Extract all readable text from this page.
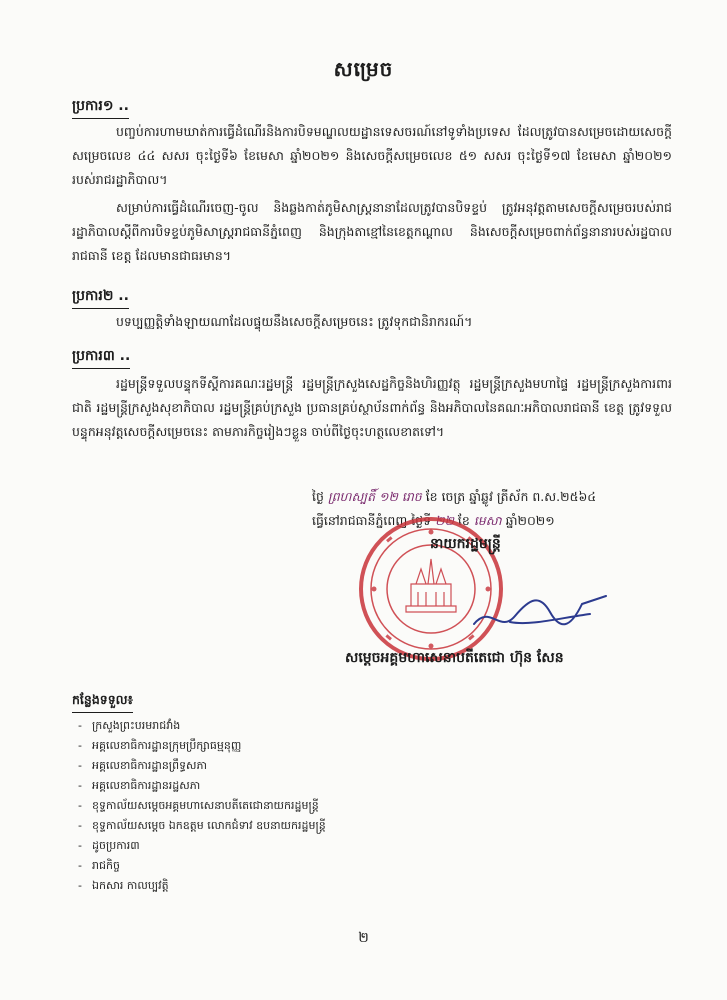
សម្រេច
ប្រការ១ ..

បញ្ចប់ការហាមឃាត់ការធ្វើដំណើរនិងការបិទមណ្ឌលយដ្ឋានទេសចរណ៍នៅទូទាំងប្រទេស ដែលត្រូវបានសម្រេចដោយសេចក្តីសម្រេចលេខ ៤៤ សសរ ចុះថ្ងៃទី៦ ខែមេសា ឆ្នាំ២០២១ និងសេចក្តីសម្រេចលេខ ៥១ សសរ ចុះថ្ងៃទី១៧ ខែមេសា ឆ្នាំ២០២១ របស់រាជរដ្ឋាភិបាល។

សម្រាប់ការធ្វើដំណើរចេញ-ចូល និងឆ្លងកាត់ភូមិសាស្ត្រនានាដែលត្រូវបានបិទខ្ទប់ ត្រូវអនុវត្តតាមសេចក្តីសម្រេចរបស់រាជរដ្ឋាភិបាលស្តីពីការបិទខ្ទប់ភូមិសាស្ត្ររាជធានីភ្នំពេញ និងក្រុងតាខ្មៅនៃខេត្តកណ្តាល និងសេចក្តីសម្រេចពាក់ព័ន្ធនានារបស់រដ្ឋបាលរាជធានី ខេត្ត ដែលមានជាធរមាន។

ប្រការ២ ..

បទប្បញ្ញត្តិទាំងឡាយណាដែលផ្ទុយនឹងសេចក្តីសម្រេចនេះ ត្រូវទុកជានិរាករណ៍។

ប្រការ៣ ..

រដ្ឋមន្ត្រីទទួលបន្ទុកទីស្តីការគណៈរដ្ឋមន្ត្រី រដ្ឋមន្ត្រីក្រសួងសេដ្ឋកិច្ចនិងហិរញ្ញវត្ថុ រដ្ឋមន្ត្រីក្រសួងមហាផ្ទៃ រដ្ឋមន្ត្រីក្រសួងការពារជាតិ រដ្ឋមន្ត្រីក្រសួងសុខាភិបាល រដ្ឋមន្ត្រីគ្រប់ក្រសួង ប្រធានគ្រប់ស្ថាប័នពាក់ព័ន្ធ និងអភិបាលនៃគណៈអភិបាលរាជធានី ខេត្ត ត្រូវទទួលបន្ទុកអនុវត្តសេចក្តីសម្រេចនេះ តាមភារកិច្ចរៀងៗខ្លួន ចាប់ពីថ្ងៃចុះហត្ថលេខាតទៅ។

ថ្ងៃ ព្រហស្បតិ៍ ១២ រោច ខែ ចេត្រ ឆ្នាំឆ្លូវ ត្រីស័ក ព.ស.២៥៦៤
ធ្វើនៅរាជធានីភ្នំពេញ ថ្ងៃទី ២២ ខែ មេសា ឆ្នាំ២០២១
នាយករដ្ឋមន្ត្រី
សម្តេចអគ្គមហាសេនាបតីតេជោ ហ៊ុន សែន
កន្លែងទទួល៖
- ក្រសួងព្រះបរមរាជវាំង
- អគ្គលេខាធិការដ្ឋានក្រុមប្រឹក្សាធម្មនុញ្ញ
- អគ្គលេខាធិការដ្ឋានព្រឹទ្ធសភា
- អគ្គលេខាធិការដ្ឋានរដ្ឋសភា
- ខុទ្ទកាល័យសម្តេចអគ្គមហាសេនាបតីតេជោនាយករដ្ឋមន្ត្រី
- ខុទ្ទកាល័យសម្តេច ឯកឧត្តម លោកជំទាវ ឧបនាយករដ្ឋមន្ត្រី
- ដូចប្រការ៣
- រាជកិច្ច
- ឯកសារ កាលប្បវត្តិ
២
